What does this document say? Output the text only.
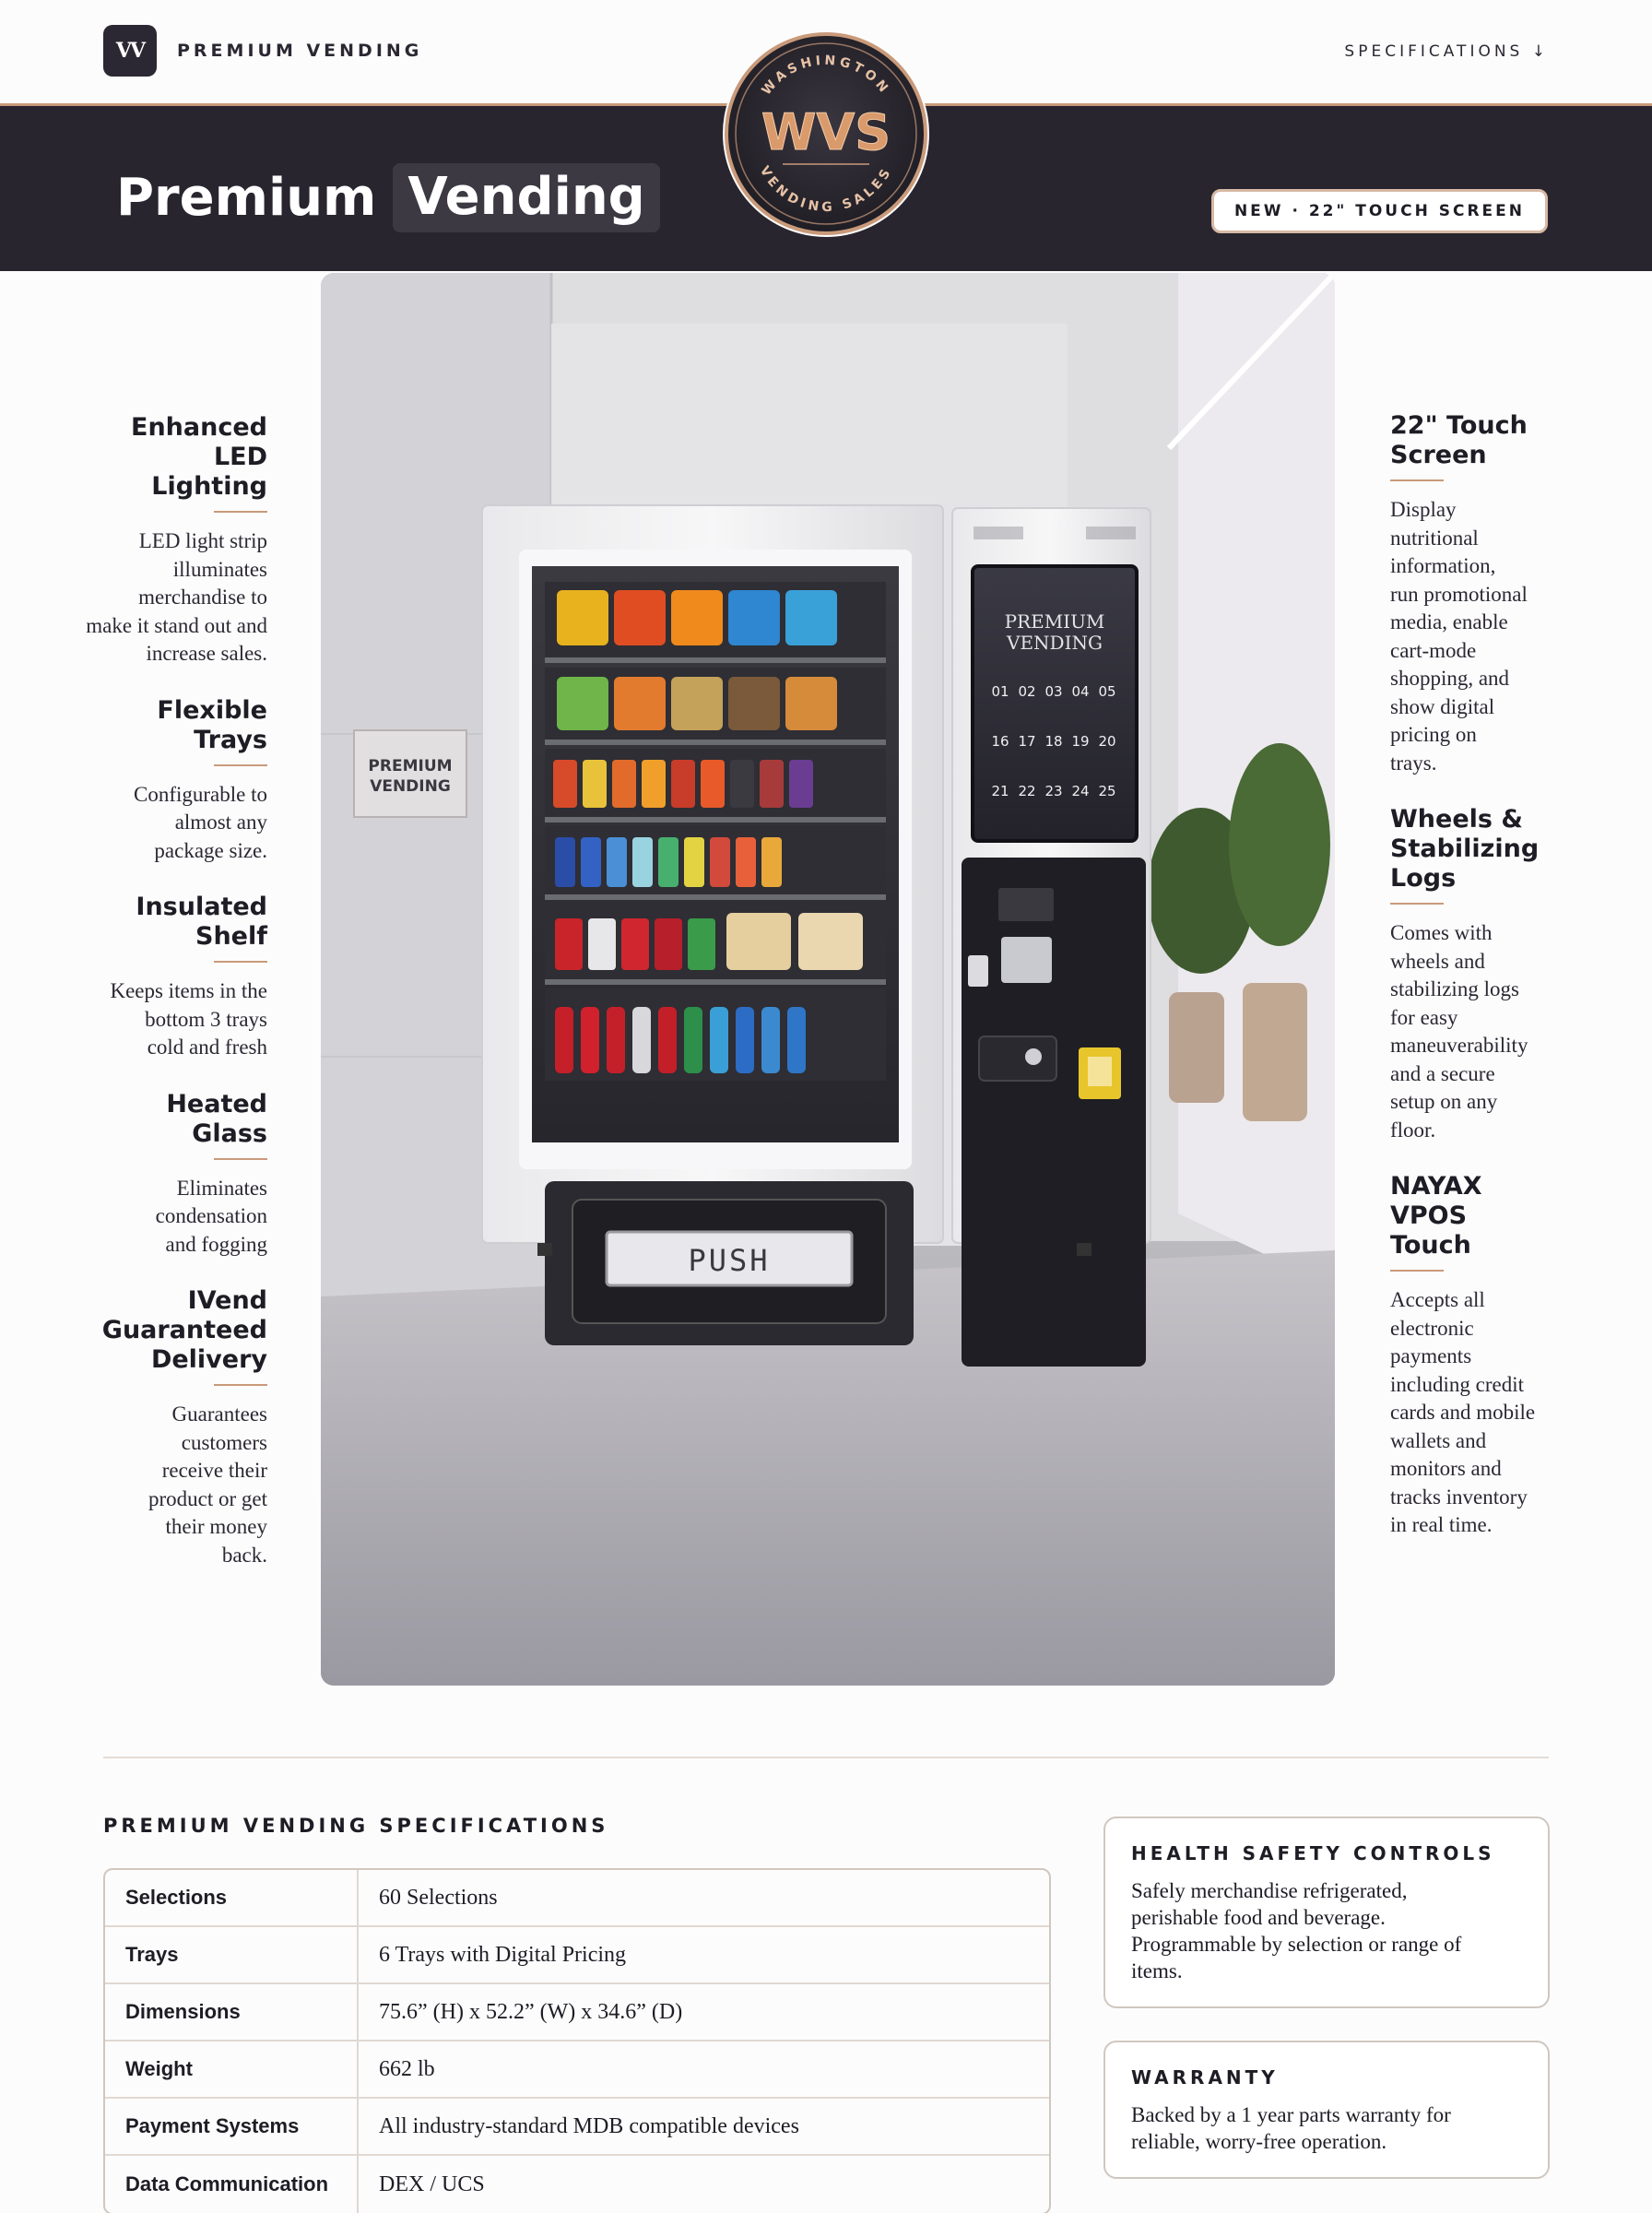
VV	PREMIUM VENDING	SPECIFICATIONS ↓
Premium Vending	NEW · 22" TOUCH SCREEN
WASHINGTON
VENDING SALES
WVS
PREMIUM
VENDING
PUSH
PREMIUM
VENDING
01 02 03 04 05
16 17 18 19 20
21 22 23 24 25
Enhanced
LED
Lighting
LED light strip
illuminates
merchandise to
make it stand out and
increase sales.
Flexible
Trays
Configurable to
almost any
package size.
Insulated
Shelf
Keeps items in the
bottom 3 trays
cold and fresh
Heated
Glass
Eliminates
condensation
and fogging
IVend
Guaranteed
Delivery
Guarantees
customers
receive their
product or get
their money
back.
22" Touch
Screen
Display
nutritional
information,
run promotional
media, enable
cart-mode
shopping, and
show digital
pricing on
trays.
Wheels &
Stabilizing
Logs
Comes with
wheels and
stabilizing logs
for easy
maneuverability
and a secure
setup on any
floor.
NAYAX
VPOS
Touch
Accepts all
electronic
payments
including credit
cards and mobile
wallets and
monitors and
tracks inventory
in real time.
PREMIUM VENDING SPECIFICATIONS
Selections	60 Selections
Trays	6 Trays with Digital Pricing
Dimensions	75.6” (H) x 52.2” (W) x 34.6” (D)
Weight	662 lb
Payment Systems	All industry-standard MDB compatible devices
Data Communication	DEX / UCS
HEALTH SAFETY CONTROLS
Safely merchandise refrigerated,
perishable food and beverage.
Programmable by selection or range of
items.
WARRANTY
Backed by a 1 year parts warranty for
reliable, worry-free operation.
